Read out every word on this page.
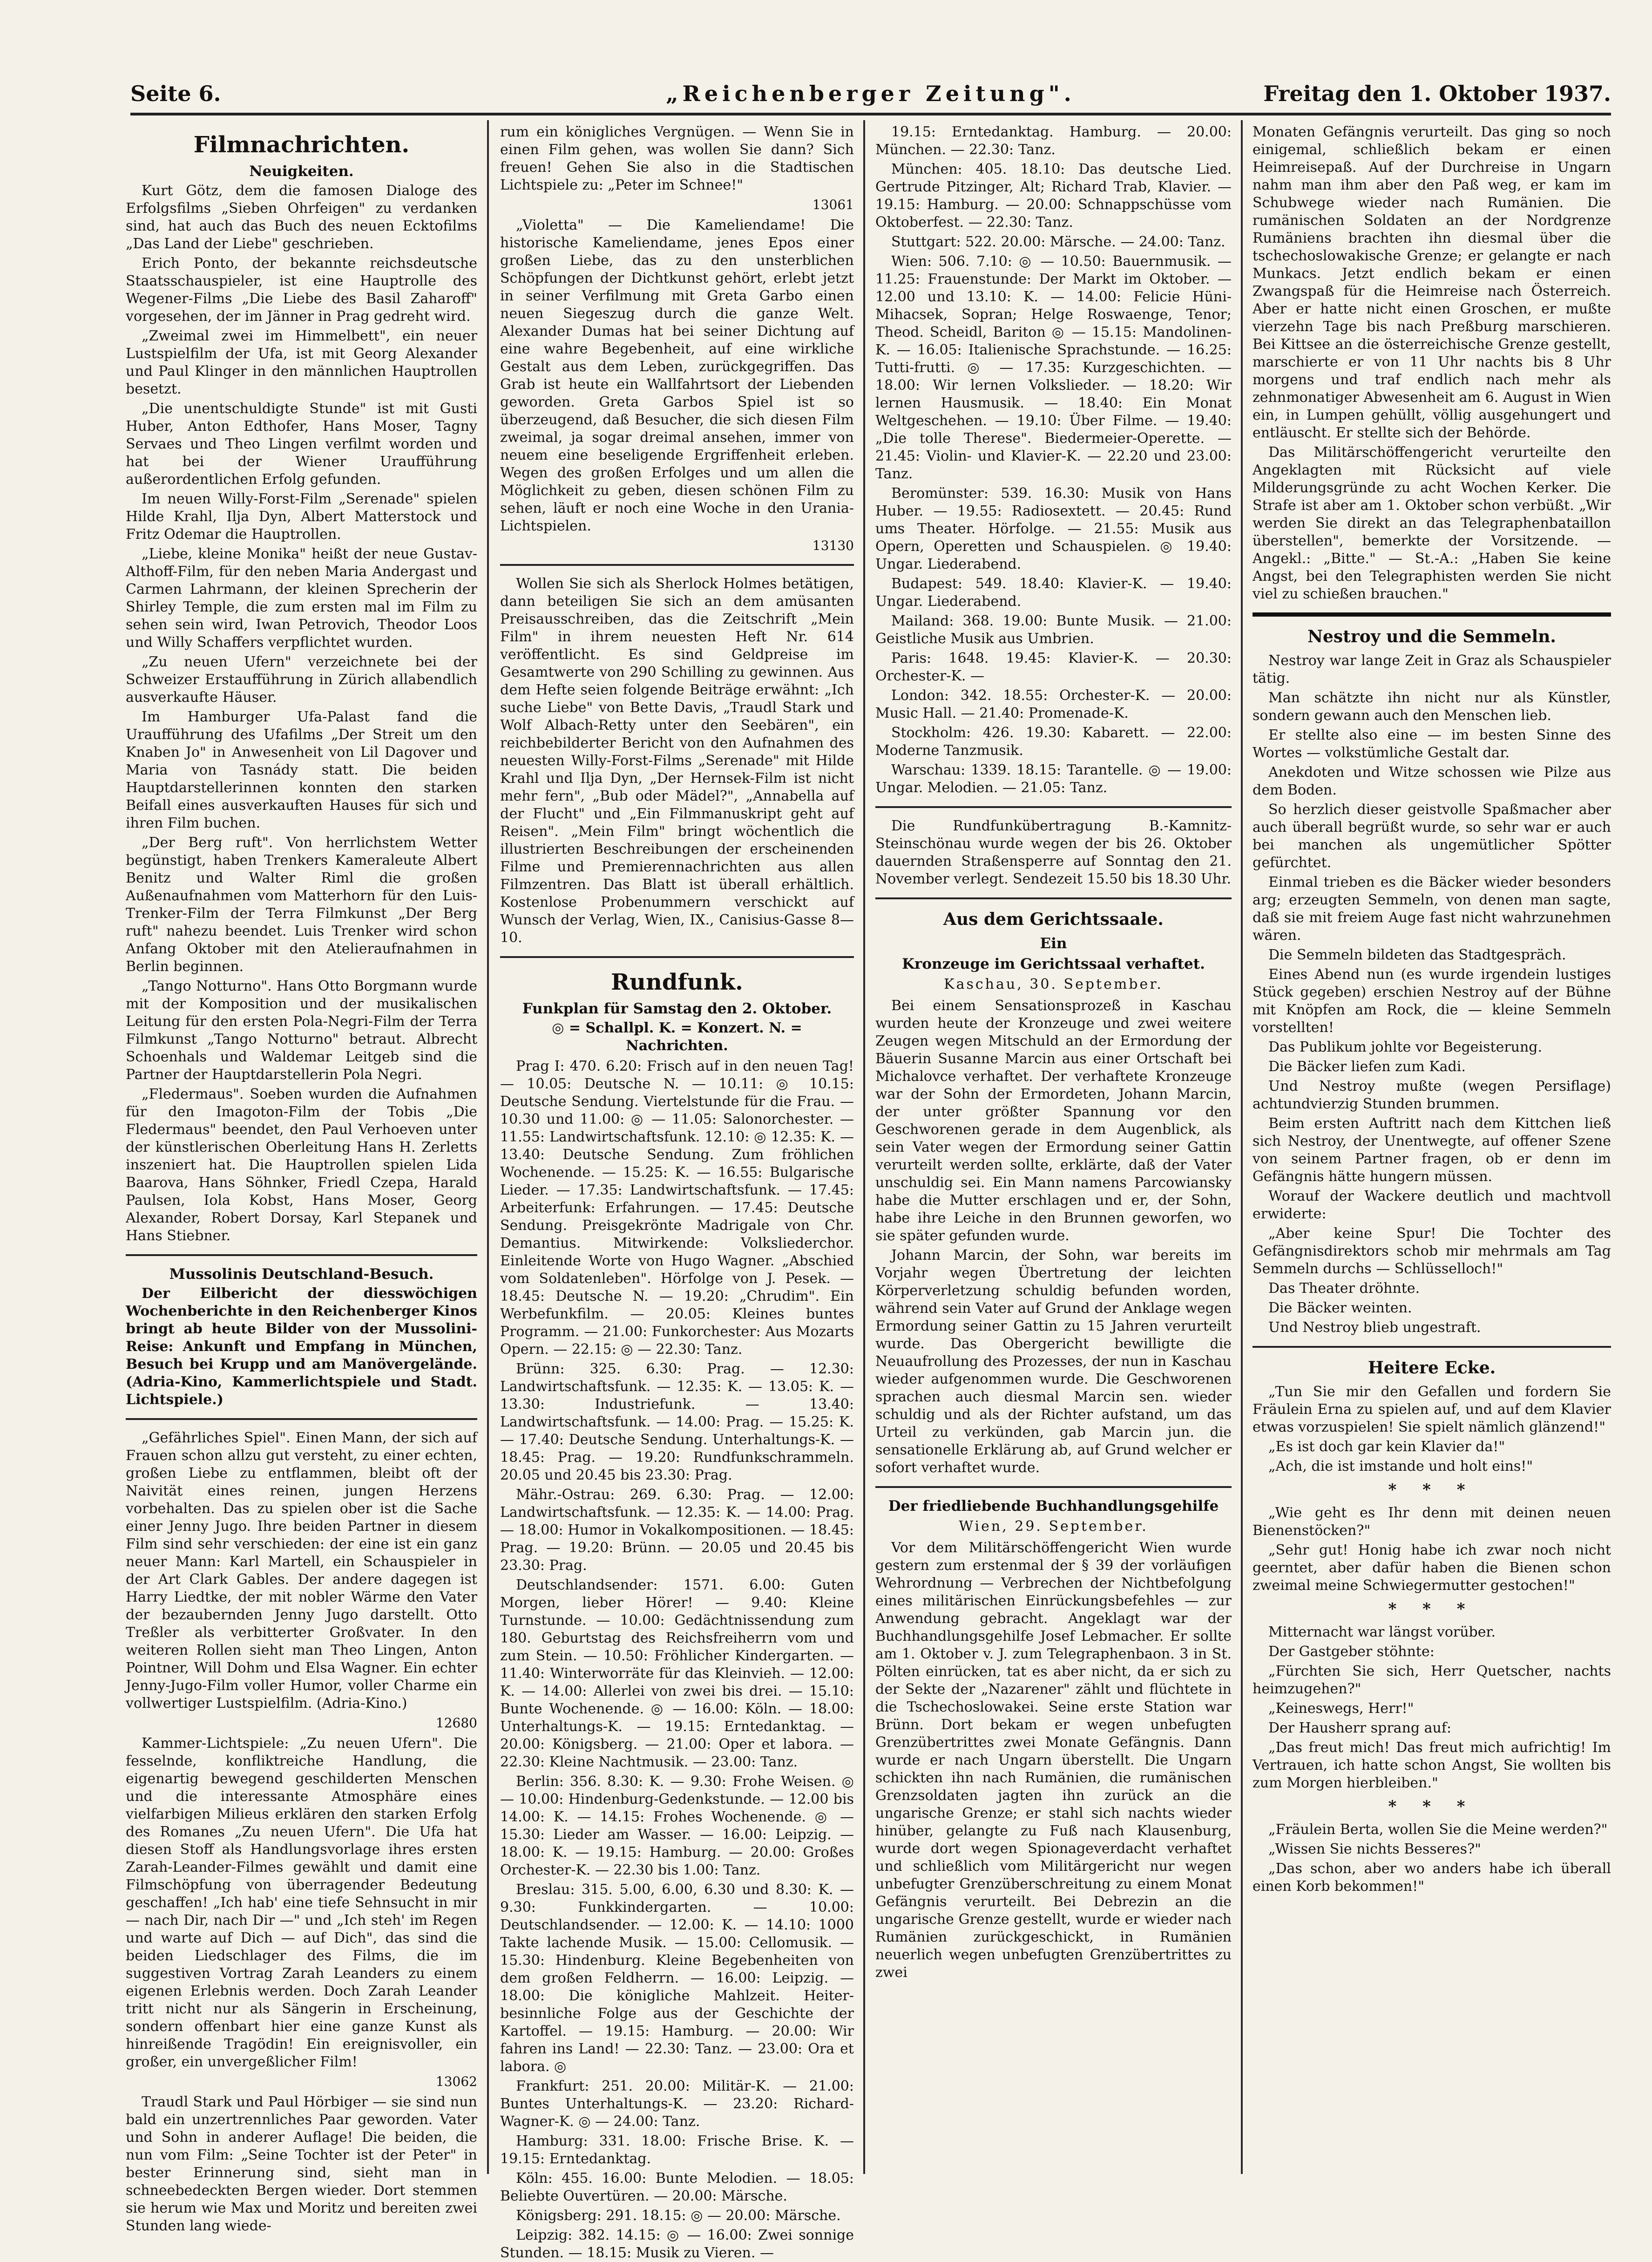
„Reichenberger Zeitung".
Seite 6.	Freitag den 1. Oktober 1937.
Filmnachrichten.
Neuigkeiten.

Kurt Götz, dem die famosen Dialoge des Erfolgsfilms „Sieben Ohrfeigen" zu verdanken sind, hat auch das Buch des neuen Ecktofilms „Das Land der Liebe" geschrieben.

Erich Ponto, der bekannte reichsdeutsche Staatsschauspieler, ist eine Hauptrolle des Wegener-Films „Die Liebe des Basil Zaharoff" vorgesehen, der im Jänner in Prag gedreht wird.

„Zweimal zwei im Himmelbett", ein neuer Lustspielfilm der Ufa, ist mit Georg Alexander und Paul Klinger in den männlichen Hauptrollen besetzt.

„Die unentschuldigte Stunde" ist mit Gusti Huber, Anton Edthofer, Hans Moser, Tagny Servaes und Theo Lingen verfilmt worden und hat bei der Wiener Uraufführung außerordentlichen Erfolg gefunden.

Im neuen Willy-Forst-Film „Serenade" spielen Hilde Krahl, Ilja Dyn, Albert Matterstock und Fritz Odemar die Hauptrollen.

„Liebe, kleine Monika" heißt der neue Gustav-Althoff-Film, für den neben Maria Andergast und Carmen Lahrmann, der kleinen Sprecherin der Shirley Temple, die zum ersten mal im Film zu sehen sein wird, Iwan Petrovich, Theodor Loos und Willy Schaffers verpflichtet wurden.

„Zu neuen Ufern" verzeichnete bei der Schweizer Erstaufführung in Zürich allabendlich ausverkaufte Häuser.

Im Hamburger Ufa-Palast fand die Uraufführung des Ufafilms „Der Streit um den Knaben Jo" in Anwesenheit von Lil Dagover und Maria von Tasnády statt. Die beiden Hauptdarstellerinnen konnten den starken Beifall eines ausverkauften Hauses für sich und ihren Film buchen.

„Der Berg ruft". Von herrlichstem Wetter begünstigt, haben Trenkers Kameraleute Albert Benitz und Walter Riml die großen Außenaufnahmen vom Matterhorn für den Luis-Trenker-Film der Terra Filmkunst „Der Berg ruft" nahezu beendet. Luis Trenker wird schon Anfang Oktober mit den Atelieraufnahmen in Berlin beginnen.

„Tango Notturno". Hans Otto Borgmann wurde mit der Komposition und der musikalischen Leitung für den ersten Pola-Negri-Film der Terra Filmkunst „Tango Notturno" betraut. Albrecht Schoenhals und Waldemar Leitgeb sind die Partner der Hauptdarstellerin Pola Negri.

„Fledermaus". Soeben wurden die Aufnahmen für den Imagoton-Film der Tobis „Die Fledermaus" beendet, den Paul Verhoeven unter der künstlerischen Oberleitung Hans H. Zerletts inszeniert hat. Die Hauptrollen spielen Lida Baarova, Hans Söhnker, Friedl Czepa, Harald Paulsen, Iola Kobst, Hans Moser, Georg Alexander, Robert Dorsay, Karl Stepanek und Hans Stiebner.

Mussolinis Deutschland-Besuch.

Der Eilbericht der diesswöchigen Wochenberichte in den Reichenberger Kinos bringt ab heute Bilder von der Mussolini-Reise: Ankunft und Empfang in München, Besuch bei Krupp und am Manövergelände. (Adria-Kino, Kammerlichtspiele und Stadt. Lichtspiele.)

„Gefährliches Spiel". Einen Mann, der sich auf Frauen schon allzu gut versteht, zu einer echten, großen Liebe zu entflammen, bleibt oft der Naivität eines reinen, jungen Herzens vorbehalten. Das zu spielen ober ist die Sache einer Jenny Jugo. Ihre beiden Partner in diesem Film sind sehr verschieden: der eine ist ein ganz neuer Mann: Karl Martell, ein Schauspieler in der Art Clark Gables. Der andere dagegen ist Harry Liedtke, der mit nobler Wärme den Vater der bezaubernden Jenny Jugo darstellt. Otto Treßler als verbitterter Großvater. In den weiteren Rollen sieht man Theo Lingen, Anton Pointner, Will Dohm und Elsa Wagner. Ein echter Jenny-Jugo-Film voller Humor, voller Charme ein vollwertiger Lustspielfilm. (Adria-Kino.)

12680

Kammer-Lichtspiele: „Zu neuen Ufern". Die fesselnde, konfliktreiche Handlung, die eigenartig bewegend geschilderten Menschen und die interessante Atmosphäre eines vielfarbigen Milieus erklären den starken Erfolg des Romanes „Zu neuen Ufern". Die Ufa hat diesen Stoff als Handlungsvorlage ihres ersten Zarah-Leander-Filmes gewählt und damit eine Filmschöpfung von überragender Bedeutung geschaffen! „Ich hab' eine tiefe Sehnsucht in mir — nach Dir, nach Dir —" und „Ich steh' im Regen und warte auf Dich — auf Dich", das sind die beiden Liedschlager des Films, die im suggestiven Vortrag Zarah Leanders zu einem eigenen Erlebnis werden. Doch Zarah Leander tritt nicht nur als Sängerin in Erscheinung, sondern offenbart hier eine ganze Kunst als hinreißende Tragödin! Ein ereignisvoller, ein großer, ein unvergeßlicher Film!

13062

Traudl Stark und Paul Hörbiger — sie sind nun bald ein unzertrennliches Paar geworden. Vater und Sohn in anderer Auflage! Die beiden, die nun vom Film: „Seine Tochter ist der Peter" in bester Erinnerung sind, sieht man in schneebedeckten Bergen wieder. Dort stemmen sie herum wie Max und Moritz und bereiten zwei Stunden lang wiede-

rum ein königliches Vergnügen. — Wenn Sie in einen Film gehen, was wollen Sie dann? Sich freuen! Gehen Sie also in die Stadtischen Lichtspiele zu: „Peter im Schnee!"

13061

„Violetta" — Die Kameliendame! Die historische Kameliendame, jenes Epos einer großen Liebe, das zu den unsterblichen Schöpfungen der Dichtkunst gehört, erlebt jetzt in seiner Verfilmung mit Greta Garbo einen neuen Siegeszug durch die ganze Welt. Alexander Dumas hat bei seiner Dichtung auf eine wahre Begebenheit, auf eine wirkliche Gestalt aus dem Leben, zurückgegriffen. Das Grab ist heute ein Wallfahrtsort der Liebenden geworden. Greta Garbos Spiel ist so überzeugend, daß Besucher, die sich diesen Film zweimal, ja sogar dreimal ansehen, immer von neuem eine beseligende Ergriffenheit erleben. Wegen des großen Erfolges und um allen die Möglichkeit zu geben, diesen schönen Film zu sehen, läuft er noch eine Woche in den Urania-Lichtspielen.

13130

Wollen Sie sich als Sherlock Holmes betätigen, dann beteiligen Sie sich an dem amüsanten Preisausschreiben, das die Zeitschrift „Mein Film" in ihrem neuesten Heft Nr. 614 veröffentlicht. Es sind Geldpreise im Gesamtwerte von 290 Schilling zu gewinnen. Aus dem Hefte seien folgende Beiträge erwähnt: „Ich suche Liebe" von Bette Davis, „Traudl Stark und Wolf Albach-Retty unter den Seebären", ein reichbebilderter Bericht von den Aufnahmen des neuesten Willy-Forst-Films „Serenade" mit Hilde Krahl und Ilja Dyn, „Der Hernsek-Film ist nicht mehr fern", „Bub oder Mädel?", „Annabella auf der Flucht" und „Ein Filmmanuskript geht auf Reisen". „Mein Film" bringt wöchentlich die illustrierten Beschreibungen der erscheinenden Filme und Premierennachrichten aus allen Filmzentren. Das Blatt ist überall erhältlich. Kostenlose Probenummern verschickt auf Wunsch der Verlag, Wien, IX., Canisius-Gasse 8—10.

Rundfunk.
Funkplan für Samstag den 2. Oktober.
◎ = Schallpl. K. = Konzert. N. = Nachrichten.

Prag I: 470. 6.20: Frisch auf in den neuen Tag! — 10.05: Deutsche N. — 10.11: ◎ 10.15: Deutsche Sendung. Viertelstunde für die Frau. — 10.30 und 11.00: ◎ — 11.05: Salonorchester. — 11.55: Landwirtschaftsfunk. 12.10: ◎ 12.35: K. — 13.40: Deutsche Sendung. Zum fröhlichen Wochenende. — 15.25: K. — 16.55: Bulgarische Lieder. — 17.35: Landwirtschaftsfunk. — 17.45: Arbeiterfunk: Erfahrungen. — 17.45: Deutsche Sendung. Preisgekrönte Madrigale von Chr. Demantius. Mitwirkende: Volksliederchor. Einleitende Worte von Hugo Wagner. „Abschied vom Soldatenleben". Hörfolge von J. Pesek. — 18.45: Deutsche N. — 19.20: „Chrudim". Ein Werbefunkfilm. — 20.05: Kleines buntes Programm. — 21.00: Funkorchester: Aus Mozarts Opern. — 22.15: ◎ — 22.30: Tanz.

Brünn: 325. 6.30: Prag. — 12.30: Landwirtschaftsfunk. — 12.35: K. — 13.05: K. — 13.30: Industriefunk. — 13.40: Landwirtschaftsfunk. — 14.00: Prag. — 15.25: K. — 17.40: Deutsche Sendung. Unterhaltungs-K. — 18.45: Prag. — 19.20: Rundfunkschrammeln. 20.05 und 20.45 bis 23.30: Prag.

Mähr.-Ostrau: 269. 6.30: Prag. — 12.00: Landwirtschaftsfunk. — 12.35: K. — 14.00: Prag. — 18.00: Humor in Vokalkompositionen. — 18.45: Prag. — 19.20: Brünn. — 20.05 und 20.45 bis 23.30: Prag.

Deutschlandsender: 1571. 6.00: Guten Morgen, lieber Hörer! — 9.40: Kleine Turnstunde. — 10.00: Gedächtnissendung zum 180. Geburtstag des Reichsfreiherrn vom und zum Stein. — 10.50: Fröhlicher Kindergarten. — 11.40: Winterworräte für das Kleinvieh. — 12.00: K. — 14.00: Allerlei von zwei bis drei. — 15.10: Bunte Wochenende. ◎ — 16.00: Köln. — 18.00: Unterhaltungs-K. — 19.15: Erntedanktag. — 20.00: Königsberg. — 21.00: Oper et labora. — 22.30: Kleine Nachtmusik. — 23.00: Tanz.

Berlin: 356. 8.30: K. — 9.30: Frohe Weisen. ◎ — 10.00: Hindenburg-Gedenkstunde. — 12.00 bis 14.00: K. — 14.15: Frohes Wochenende. ◎ — 15.30: Lieder am Wasser. — 16.00: Leipzig. — 18.00: K. — 19.15: Hamburg. — 20.00: Großes Orchester-K. — 22.30 bis 1.00: Tanz.

Breslau: 315. 5.00, 6.00, 6.30 und 8.30: K. — 9.30: Funkkindergarten. — 10.00: Deutschlandsender. — 12.00: K. — 14.10: 1000 Takte lachende Musik. — 15.00: Cellomusik. — 15.30: Hindenburg. Kleine Begebenheiten von dem großen Feldherrn. — 16.00: Leipzig. — 18.00: Die königliche Mahlzeit. Heiter-besinnliche Folge aus der Geschichte der Kartoffel. — 19.15: Hamburg. — 20.00: Wir fahren ins Land! — 22.30: Tanz. — 23.00: Ora et labora. ◎

Frankfurt: 251. 20.00: Militär-K. — 21.00: Buntes Unterhaltungs-K. — 23.20: Richard-Wagner-K. ◎ — 24.00: Tanz.

Hamburg: 331. 18.00: Frische Brise. K. — 19.15: Erntedanktag.

Köln: 455. 16.00: Bunte Melodien. — 18.05: Beliebte Ouvertüren. — 20.00: Märsche.

Königsberg: 291. 18.15: ◎ — 20.00: Märsche.

Leipzig: 382. 14.15: ◎ — 16.00: Zwei sonnige Stunden. — 18.15: Musik zu Vieren. —

19.15: Erntedanktag. Hamburg. — 20.00: München. — 22.30: Tanz.

München: 405. 18.10: Das deutsche Lied. Gertrude Pitzinger, Alt; Richard Trab, Klavier. — 19.15: Hamburg. — 20.00: Schnappschüsse vom Oktoberfest. — 22.30: Tanz.

Stuttgart: 522. 20.00: Märsche. — 24.00: Tanz.

Wien: 506. 7.10: ◎ — 10.50: Bauernmusik. — 11.25: Frauenstunde: Der Markt im Oktober. — 12.00 und 13.10: K. — 14.00: Felicie Hüni-Mihacsek, Sopran; Helge Roswaenge, Tenor; Theod. Scheidl, Bariton ◎ — 15.15: Mandolinen-K. — 16.05: Italienische Sprachstunde. — 16.25: Tutti-frutti. ◎ — 17.35: Kurzgeschichten. — 18.00: Wir lernen Volkslieder. — 18.20: Wir lernen Hausmusik. — 18.40: Ein Monat Weltgeschehen. — 19.10: Über Filme. — 19.40: „Die tolle Therese". Biedermeier-Operette. — 21.45: Violin- und Klavier-K. — 22.20 und 23.00: Tanz.

Beromünster: 539. 16.30: Musik von Hans Huber. — 19.55: Radiosextett. — 20.45: Rund ums Theater. Hörfolge. — 21.55: Musik aus Opern, Operetten und Schauspielen. ◎ 19.40: Ungar. Liederabend.

Budapest: 549. 18.40: Klavier-K. — 19.40: Ungar. Liederabend.

Mailand: 368. 19.00: Bunte Musik. — 21.00: Geistliche Musik aus Umbrien.

Paris: 1648. 19.45: Klavier-K. — 20.30: Orchester-K. —

London: 342. 18.55: Orchester-K. — 20.00: Music Hall. — 21.40: Promenade-K.

Stockholm: 426. 19.30: Kabarett. — 22.00: Moderne Tanzmusik.

Warschau: 1339. 18.15: Tarantelle. ◎ — 19.00: Ungar. Melodien. — 21.05: Tanz.

Die Rundfunkübertragung B.-Kamnitz-Steinschönau wurde wegen der bis 26. Oktober dauernden Straßensperre auf Sonntag den 21. November verlegt. Sendezeit 15.50 bis 18.30 Uhr.

Aus dem Gerichtssaale.
Ein
Kronzeuge im Gerichtssaal verhaftet.
Kaschau, 30. September.

Bei einem Sensationsprozeß in Kaschau wurden heute der Kronzeuge und zwei weitere Zeugen wegen Mitschuld an der Ermordung der Bäuerin Susanne Marcin aus einer Ortschaft bei Michalovce verhaftet. Der verhaftete Kronzeuge war der Sohn der Ermordeten, Johann Marcin, der unter größter Spannung vor den Geschworenen gerade in dem Augenblick, als sein Vater wegen der Ermordung seiner Gattin verurteilt werden sollte, erklärte, daß der Vater unschuldig sei. Ein Mann namens Parcowiansky habe die Mutter erschlagen und er, der Sohn, habe ihre Leiche in den Brunnen geworfen, wo sie später gefunden wurde.

Johann Marcin, der Sohn, war bereits im Vorjahr wegen Übertretung der leichten Körperverletzung schuldig befunden worden, während sein Vater auf Grund der Anklage wegen Ermordung seiner Gattin zu 15 Jahren verurteilt wurde. Das Obergericht bewilligte die Neuaufrollung des Prozesses, der nun in Kaschau wieder aufgenommen wurde. Die Geschworenen sprachen auch diesmal Marcin sen. wieder schuldig und als der Richter aufstand, um das Urteil zu verkünden, gab Marcin jun. die sensationelle Erklärung ab, auf Grund welcher er sofort verhaftet wurde.

Der friedliebende Buchhandlungsgehilfe
Wien, 29. September.

Vor dem Militärschöffengericht Wien wurde gestern zum erstenmal der § 39 der vorläufigen Wehrordnung — Verbrechen der Nichtbefolgung eines militärischen Einrückungsbefehles — zur Anwendung gebracht. Angeklagt war der Buchhandlungsgehilfe Josef Lebmacher. Er sollte am 1. Oktober v. J. zum Telegraphenbaon. 3 in St. Pölten einrücken, tat es aber nicht, da er sich zu der Sekte der „Nazarener" zählt und flüchtete in die Tschechoslowakei. Seine erste Station war Brünn. Dort bekam er wegen unbefugten Grenzübertrittes zwei Monate Gefängnis. Dann wurde er nach Ungarn überstellt. Die Ungarn schickten ihn nach Rumänien, die rumänischen Grenzsoldaten jagten ihn zurück an die ungarische Grenze; er stahl sich nachts wieder hinüber, gelangte zu Fuß nach Klausenburg, wurde dort wegen Spionageverdacht verhaftet und schließlich vom Militärgericht nur wegen unbefugter Grenzüberschreitung zu einem Monat Gefängnis verurteilt. Bei Debrezin an die ungarische Grenze gestellt, wurde er wieder nach Rumänien zurückgeschickt, in Rumänien neuerlich wegen unbefugten Grenzübertrittes zu zwei

Monaten Gefängnis verurteilt. Das ging so noch einigemal, schließlich bekam er einen Heimreisepaß. Auf der Durchreise in Ungarn nahm man ihm aber den Paß weg, er kam im Schubwege wieder nach Rumänien. Die rumänischen Soldaten an der Nordgrenze Rumäniens brachten ihn diesmal über die tschechoslowakische Grenze; er gelangte er nach Munkacs. Jetzt endlich bekam er einen Zwangspaß für die Heimreise nach Österreich. Aber er hatte nicht einen Groschen, er mußte vierzehn Tage bis nach Preßburg marschieren. Bei Kittsee an die österreichische Grenze gestellt, marschierte er von 11 Uhr nachts bis 8 Uhr morgens und traf endlich nach mehr als zehnmonatiger Abwesenheit am 6. August in Wien ein, in Lumpen gehüllt, völlig ausgehungert und entläuscht. Er stellte sich der Behörde.

Das Militärschöffengericht verurteilte den Angeklagten mit Rücksicht auf viele Milderungsgründe zu acht Wochen Kerker. Die Strafe ist aber am 1. Oktober schon verbüßt. „Wir werden Sie direkt an das Telegraphenbataillon überstellen", bemerkte der Vorsitzende. — Angekl.: „Bitte." — St.-A.: „Haben Sie keine Angst, bei den Telegraphisten werden Sie nicht viel zu schießen brauchen."

Nestroy und die Semmeln.

Nestroy war lange Zeit in Graz als Schauspieler tätig.

Man schätzte ihn nicht nur als Künstler, sondern gewann auch den Menschen lieb.

Er stellte also eine — im besten Sinne des Wortes — volkstümliche Gestalt dar.

Anekdoten und Witze schossen wie Pilze aus dem Boden.

So herzlich dieser geistvolle Spaßmacher aber auch überall begrüßt wurde, so sehr war er auch bei manchen als ungemütlicher Spötter gefürchtet.

Einmal trieben es die Bäcker wieder besonders arg; erzeugten Semmeln, von denen man sagte, daß sie mit freiem Auge fast nicht wahrzunehmen wären.

Die Semmeln bildeten das Stadtgespräch.

Eines Abend nun (es wurde irgendein lustiges Stück gegeben) erschien Nestroy auf der Bühne mit Knöpfen am Rock, die — kleine Semmeln vorstellten!

Das Publikum johlte vor Begeisterung.

Die Bäcker liefen zum Kadi.

Und Nestroy mußte (wegen Persiflage) achtundvierzig Stunden brummen.

Beim ersten Auftritt nach dem Kittchen ließ sich Nestroy, der Unentwegte, auf offener Szene von seinem Partner fragen, ob er denn im Gefängnis hätte hungern müssen.

Worauf der Wackere deutlich und machtvoll erwiderte:

„Aber keine Spur! Die Tochter des Gefängnisdirektors schob mir mehrmals am Tag Semmeln durchs — Schlüsselloch!"

Das Theater dröhnte.

Die Bäcker weinten.

Und Nestroy blieb ungestraft.

Heitere Ecke.

„Tun Sie mir den Gefallen und fordern Sie Fräulein Erna zu spielen auf, und auf dem Klavier etwas vorzuspielen! Sie spielt nämlich glänzend!"

„Es ist doch gar kein Klavier da!"

„Ach, die ist imstande und holt eins!"

* * *

„Wie geht es Ihr denn mit deinen neuen Bienenstöcken?"

„Sehr gut! Honig habe ich zwar noch nicht geerntet, aber dafür haben die Bienen schon zweimal meine Schwiegermutter gestochen!"

* * *

Mitternacht war längst vorüber.

Der Gastgeber stöhnte:

„Fürchten Sie sich, Herr Quetscher, nachts heimzugehen?"

„Keineswegs, Herr!"

Der Hausherr sprang auf:

„Das freut mich! Das freut mich aufrichtig! Im Vertrauen, ich hatte schon Angst, Sie wollten bis zum Morgen hierbleiben."

* * *

„Fräulein Berta, wollen Sie die Meine werden?"

„Wissen Sie nichts Besseres?"

„Das schon, aber wo anders habe ich überall einen Korb bekommen!"
